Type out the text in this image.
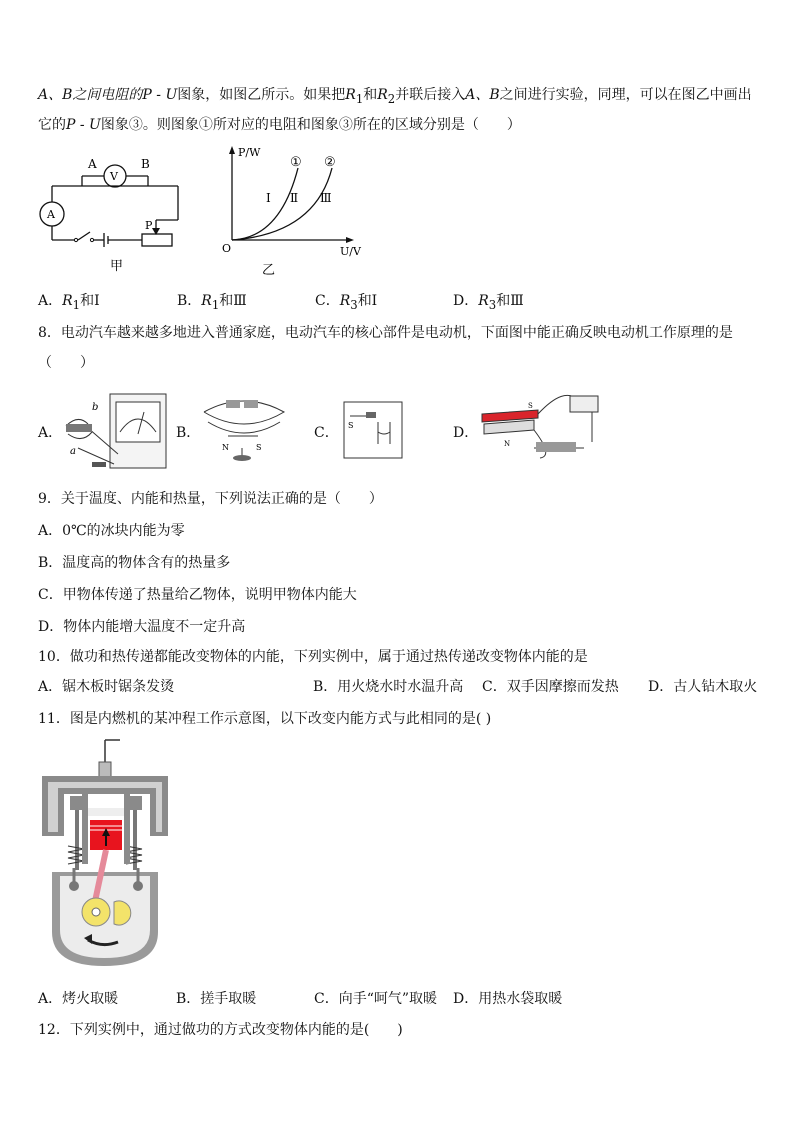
A、B之间电阻的P - U图象，如图乙所示。如果把$R_1$和$R_2$并联后接入A、B之间进行实验，同理，可以在图乙中画出
它的P - U图象③。则图象①所对应的电阻和图象③所在的区域分别是（　　）
A	B
V
A
P
甲
P/W
U/V
O
① ②
Ⅰ Ⅱ Ⅲ
乙
A．$R_1$和Ⅰ	B．$R_1$和Ⅲ	C．$R_3$和Ⅰ	D．$R_3$和Ⅲ
8．电动汽车越来越多地进入普通家庭，电动汽车的核心部件是电动机，下面图中能正确反映电动机工作原理的是
（　　）
A．
b
a
B．
N	S
C． S	D．
N
S
9．关于温度、内能和热量，下列说法正确的是（　　）
A．0℃的冰块内能为零
B．温度高的物体含有的热量多
C．甲物体传递了热量给乙物体，说明甲物体内能大
D．物体内能增大温度不一定升高
10．做功和热传递都能改变物体的内能，下列实例中，属于通过热传递改变物体内能的是
A．锯木板时锯条发烫	B．用火烧水时水温升高 C．双手因摩擦而发热 D．古人钻木取火
11．图是内燃机的某冲程工作示意图，以下改变内能方式与此相同的是( )
A．烤火取暖	B．搓手取暖	C．向手“呵气”取暖 D．用热水袋取暖
12．下列实例中，通过做功的方式改变物体内能的是(　　)
